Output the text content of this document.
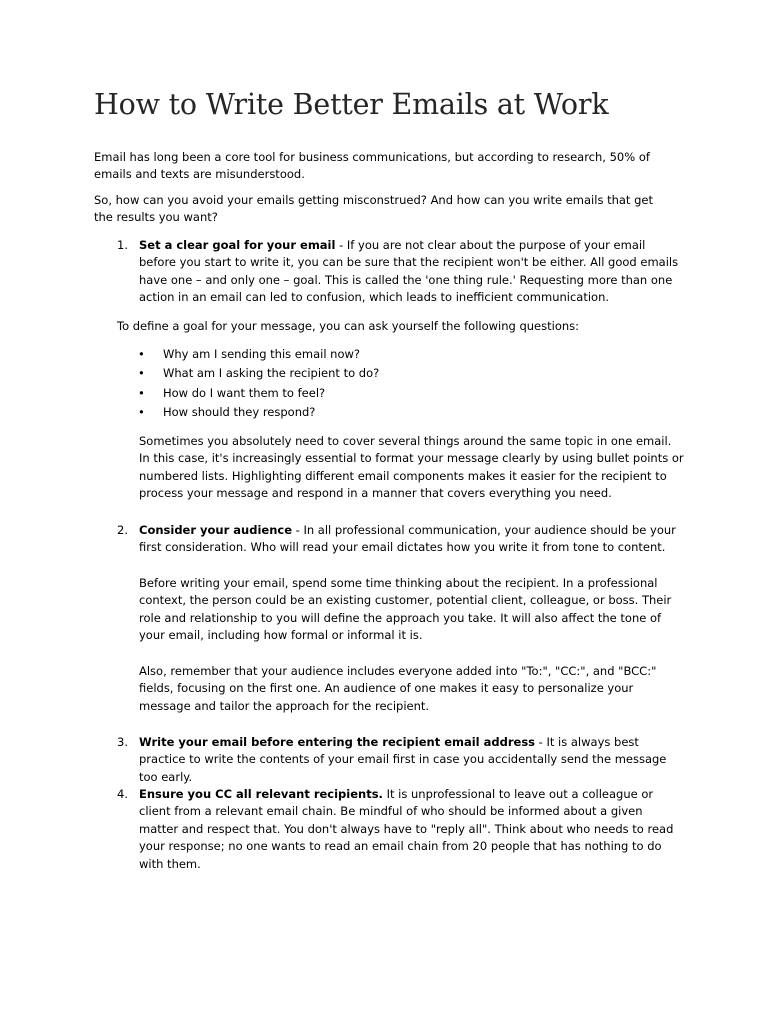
How to Write Better Emails at Work

Email has long been a core tool for business communications, but according to research, 50% of emails and texts are misunderstood.

So, how can you avoid your emails getting misconstrued? And how can you write emails that get the results you want?

1. Set a clear goal for your email - If you are not clear about the purpose of your email before you start to write it, you can be sure that the recipient won't be either. All good emails have one – and only one – goal. This is called the 'one thing rule.' Requesting more than one action in an email can led to confusion, which leads to inefficient communication.

To define a goal for your message, you can ask yourself the following questions:

• Why am I sending this email now?
• What am I asking the recipient to do?
• How do I want them to feel?
• How should they respond?

Sometimes you absolutely need to cover several things around the same topic in one email. In this case, it's increasingly essential to format your message clearly by using bullet points or numbered lists. Highlighting different email components makes it easier for the recipient to process your message and respond in a manner that covers everything you need.

2. Consider your audience - In all professional communication, your audience should be your first consideration. Who will read your email dictates how you write it from tone to content.

Before writing your email, spend some time thinking about the recipient. In a professional context, the person could be an existing customer, potential client, colleague, or boss. Their role and relationship to you will define the approach you take. It will also affect the tone of your email, including how formal or informal it is.

Also, remember that your audience includes everyone added into "To:", "CC:", and "BCC:" fields, focusing on the first one. An audience of one makes it easy to personalize your message and tailor the approach for the recipient.

3. Write your email before entering the recipient email address - It is always best practice to write the contents of your email first in case you accidentally send the message too early.

4. Ensure you CC all relevant recipients. It is unprofessional to leave out a colleague or client from a relevant email chain. Be mindful of who should be informed about a given matter and respect that. You don't always have to "reply all". Think about who needs to read your response; no one wants to read an email chain from 20 people that has nothing to do with them.
